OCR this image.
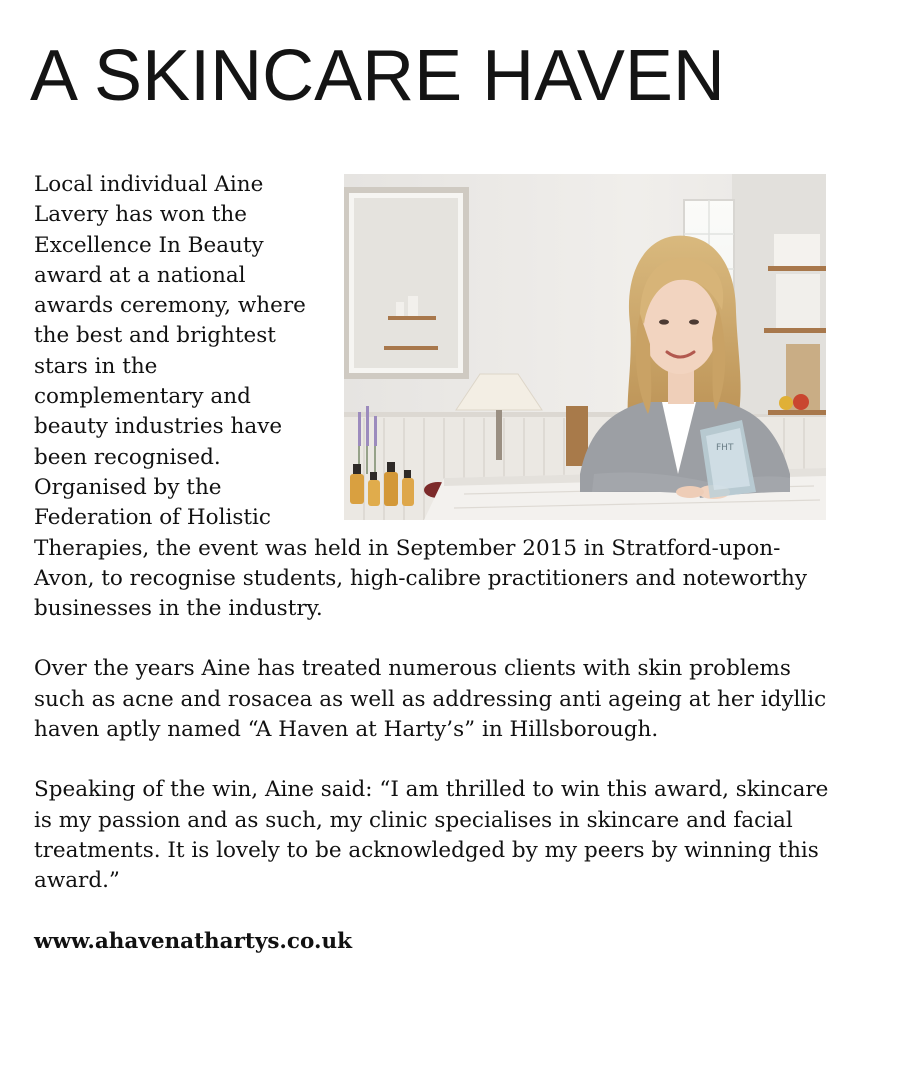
A SKINCARE HAVEN
FHT

Local individual Aine Lavery has won the Excellence In Beauty award at a national awards ceremony, where the best and brightest stars in the complementary and beauty industries have been recognised. Organised by the Federation of Holistic Therapies, the event was held in September 2015 in Stratford-upon-Avon, to recognise students, high-calibre practitioners and noteworthy businesses in the industry.

Over the years Aine has treated numerous clients with skin problems such as acne and rosacea as well as addressing anti ageing at her idyllic haven aptly named “A Haven at Harty’s” in Hillsborough.

Speaking of the win, Aine said: “I am thrilled to win this award, skincare is my passion and as such, my clinic specialises in skincare and facial treatments. It is lovely to be acknowledged by my peers by winning this award.”

www.ahavenathartys.co.uk
